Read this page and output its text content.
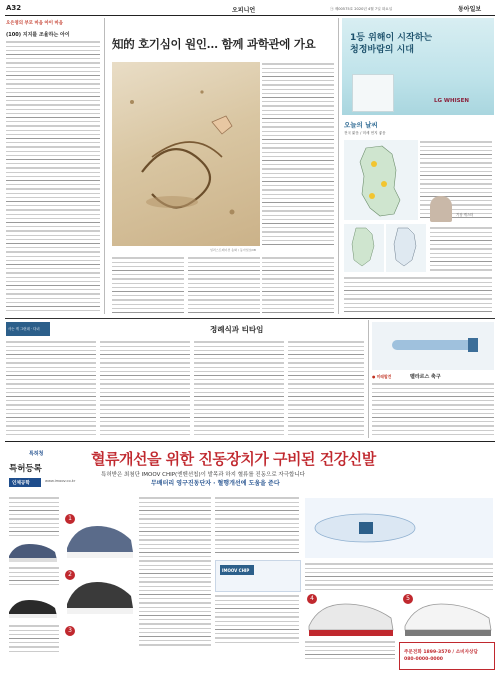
A32	오피니언	㉠ 제00575호 2020년 4월 7일 화요일	동아일보
오은영의 부모 마음 아이 마음
(100) 지지를 조율하는 아이
知的 호기심이 원인… 함께 과학관에 가요
일러스트레이션 송화 / 동아일보DB
1등 위해이 시작하는
청정바람의 시대
LG WHISEN
오늘의 날씨
전국 맑음 / 미세 먼지 좋음
기상 캐스터
사는 게 그런데 · 다녀	정례식과 티타임
● 미래발견	벨라르스 축구
특허청
특허등록
인체공학	www.imoov.co.kr
혈류개선을 위한 진동장치가 구비된 건강신발
특허받은 최첨단 IMOOV CHIP(엔벤션칩)이 발목과 하지 혈류를 진동으로 자극합니다
무배터리 영구진동단자 · 혈행개선에 도움을 준다
IMOOV CHIP
주문전화 1899-3570 / 소비자상담 080-0000-0000
1
2
3
4	5
